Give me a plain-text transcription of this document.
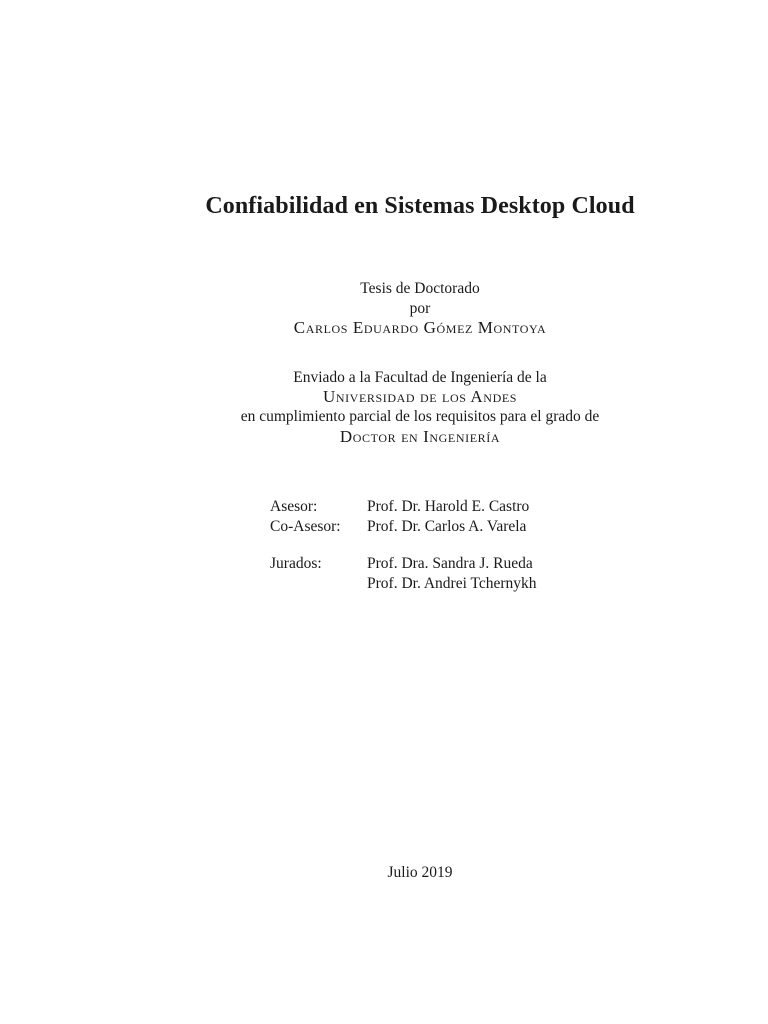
Confiabilidad en Sistemas Desktop Cloud
Tesis de Doctorado
por
Carlos Eduardo Gómez Montoya
Enviado a la Facultad de Ingeniería de la
Universidad de los Andes
en cumplimiento parcial de los requisitos para el grado de
Doctor en Ingeniería
Asesor:	Prof. Dr. Harold E. Castro
Co-Asesor: Prof. Dr. Carlos A. Varela
Jurados:	Prof. Dra. Sandra J. Rueda
Prof. Dr. Andrei Tchernykh
Julio 2019
